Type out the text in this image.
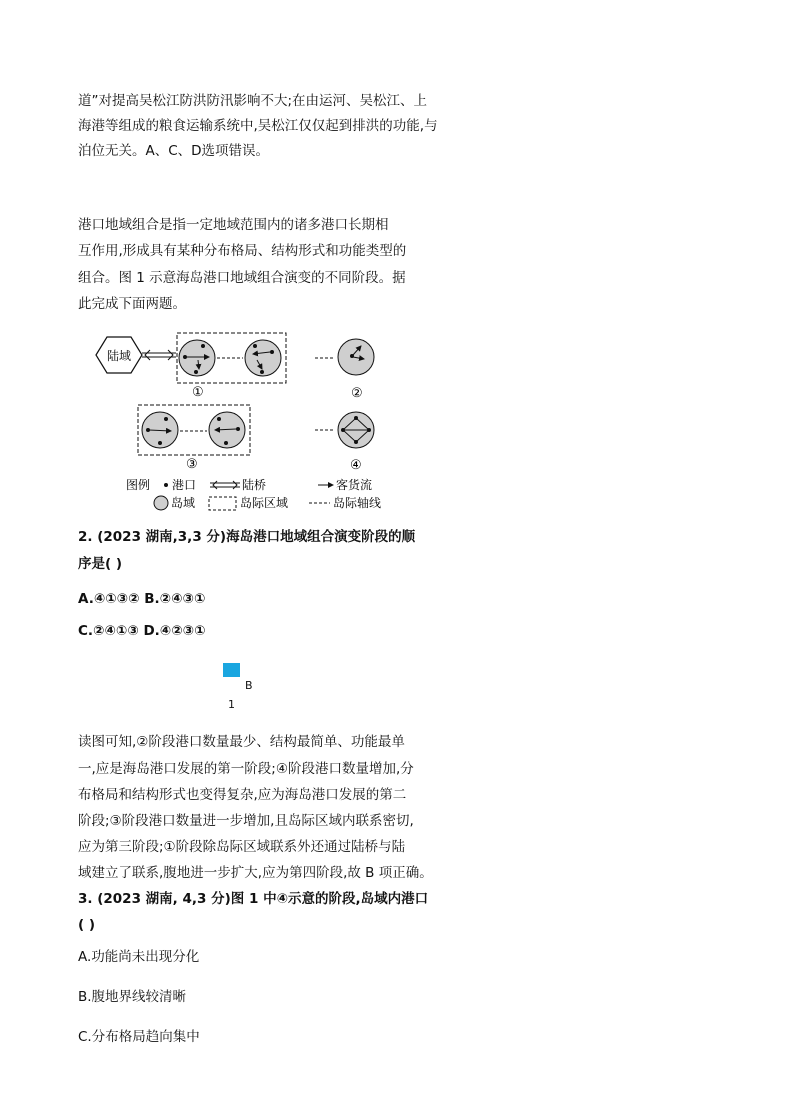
道”对提高吴松江防洪防汛影响不大;在由运河、吴松江、上
海港等组成的粮食运输系统中,吴松江仅仅起到排洪的功能,与
泊位无关。A、C、D选项错误。
港口地域组合是指一定地域范围内的诸多港口长期相
互作用,形成具有某种分布格局、结构形式和功能类型的
组合。图 1 示意海岛港口地域组合演变的不同阶段。据
此完成下面两题。
陆域
①	②
③	④
图例 港口	陆桥	客货流
岛域	岛际区域	岛际轴线
2. (2023 湖南,3,3 分)海岛港口地域组合演变阶段的顺
序是( )
A.④①③② B.②④③①
C.②④①③ D.④②③①
B
1
读图可知,②阶段港口数量最少、结构最简单、功能最单
一,应是海岛港口发展的第一阶段;④阶段港口数量增加,分
布格局和结构形式也变得复杂,应为海岛港口发展的第二
阶段;③阶段港口数量进一步增加,且岛际区域内联系密切,
应为第三阶段;①阶段除岛际区域联系外还通过陆桥与陆
域建立了联系,腹地进一步扩大,应为第四阶段,故 B 项正确。
3. (2023 湖南, 4,3 分)图 1 中④示意的阶段,岛域内港口
( )
A.功能尚未出现分化
B.腹地界线较清晰
C.分布格局趋向集中
